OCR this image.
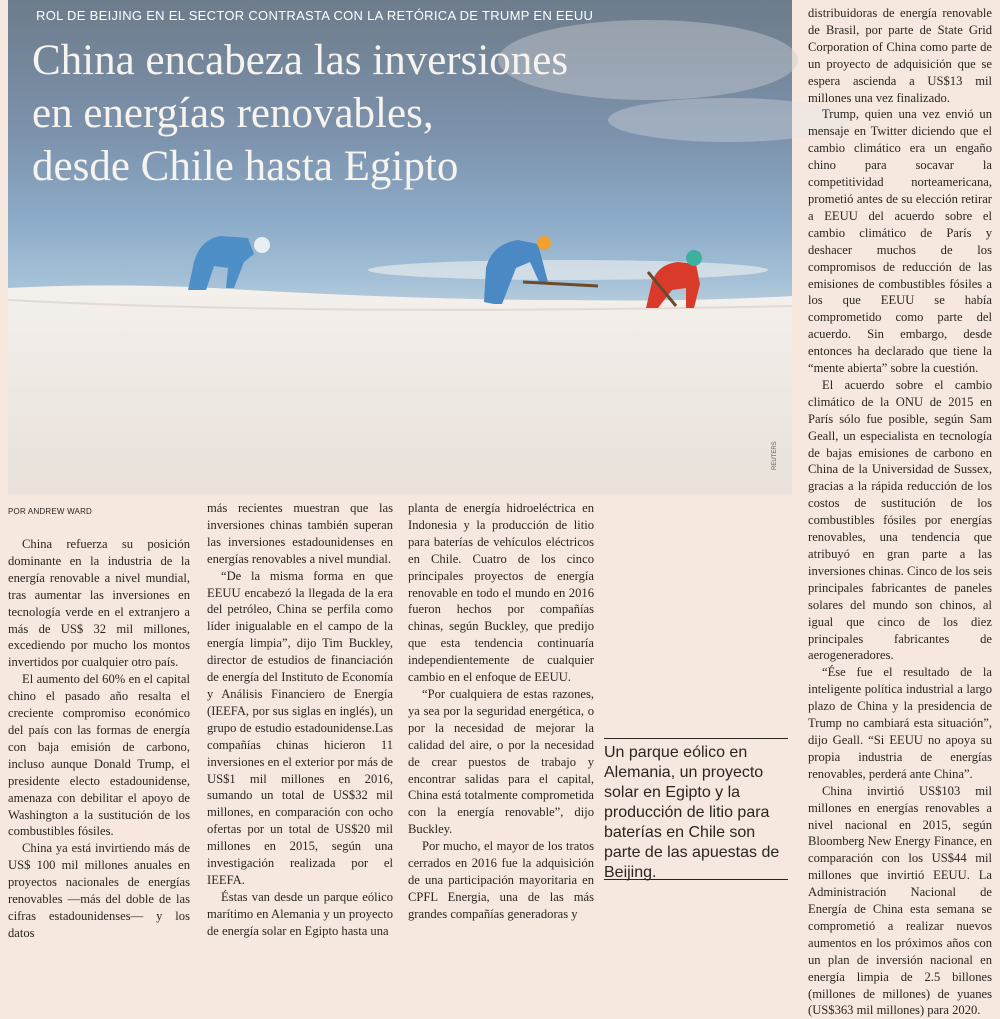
ROL DE BEIJING EN EL SECTOR CONTRASTA CON LA RETÓRICA DE TRUMP EN EEUU
China encabeza las inversiones
en energías renovables,
desde Chile hasta Egipto
REUTERS
POR ANDREW WARD

China refuerza su posición dominante en la industria de la energía renovable a nivel mundial, tras aumentar las inversiones en tecnología verde en el extranjero a más de US$ 32 mil millones, excediendo por mucho los montos invertidos por cualquier otro país.

El aumento del 60% en el capital chino el pasado año resalta el creciente compromiso económico del país con las formas de energía con baja emisión de carbono, incluso aunque Donald Trump, el presidente electo estadounidense, amenaza con debilitar el apoyo de Washington a la sustitución de los combustibles fósiles.

China ya está invirtiendo más de US$ 100 mil millones anuales en proyectos nacionales de energías renovables —más del doble de las cifras estadounidenses— y los datos

más recientes muestran que las inversiones chinas también superan las inversiones estadounidenses en energías renovables a nivel mundial.

“De la misma forma en que EEUU encabezó la llegada de la era del petróleo, China se perfila como líder inigualable en el campo de la energía limpia”, dijo Tim Buckley, director de estudios de financiación de energía del Instituto de Economía y Análisis Financiero de Energía (IEEFA, por sus siglas en inglés), un grupo de estudio estadounidense.Las compañías chinas hicieron 11 inversiones en el exterior por más de US$1 mil millones en 2016, sumando un total de US$32 mil millones, en comparación con ocho ofertas por un total de US$20 mil millones en 2015, según una investigación realizada por el IEEFA.

Éstas van desde un parque eólico marítimo en Alemania y un proyecto de energía solar en Egipto hasta una

planta de energía hidroeléctrica en Indonesia y la producción de litio para baterías de vehículos eléctricos en Chile. Cuatro de los cinco principales proyectos de energía renovable en todo el mundo en 2016 fueron hechos por compañías chinas, según Buckley, que predijo que esta tendencia continuaría independientemente de cualquier cambio en el enfoque de EEUU.

“Por cualquiera de estas razones, ya sea por la seguridad energética, o por la necesidad de mejorar la calidad del aire, o por la necesidad de crear puestos de trabajo y encontrar salidas para el capital, China está totalmente comprometida con la energía renovable”, dijo Buckley.

Por mucho, el mayor de los tratos cerrados en 2016 fue la adquisición de una participación mayoritaria en CPFL Energia, una de las más grandes compañías generadoras y

distribuidoras de energía renovable de Brasil, por parte de State Grid Corporation of China como parte de un proyecto de adquisición que se espera ascienda a US$13 mil millones una vez finalizado.

Trump, quien una vez envió un mensaje en Twitter diciendo que el cambio climático era un engaño chino para socavar la competitividad norteamericana, prometió antes de su elección retirar a EEUU del acuerdo sobre el cambio climático de París y deshacer muchos de los compromisos de reducción de las emisiones de combustibles fósiles a los que EEUU se había comprometido como parte del acuerdo. Sin embargo, desde entonces ha declarado que tiene la “mente abierta” sobre la cuestión.

El acuerdo sobre el cambio climático de la ONU de 2015 en París sólo fue posible, según Sam Geall, un especialista en tecnología de bajas emisiones de carbono en China de la Universidad de Sussex, gracias a la rápida reducción de los costos de sustitución de los combustibles fósiles por energías renovables, una tendencia que atribuyó en gran parte a las inversiones chinas. Cinco de los seis principales fabricantes de paneles solares del mundo son chinos, al igual que cinco de los diez principales fabricantes de aerogeneradores.

“Ése fue el resultado de la inteligente política industrial a largo plazo de China y la presidencia de Trump no cambiará esta situación”, dijo Geall. “Si EEUU no apoya su propia industria de energías renovables, perderá ante China”.

China invirtió US$103 mil millones en energías renovables a nivel nacional en 2015, según Bloomberg New Energy Finance, en comparación con los US$44 mil millones que invirtió EEUU. La Administración Nacional de Energía de China esta semana se comprometió a realizar nuevos aumentos en los próximos años con un plan de inversión nacional en energía limpia de 2.5 billones (millones de millones) de yuanes (US$363 mil millones) para 2020.

Un parque eólico en Alemania, un proyecto solar en Egipto y la producción de litio para baterías en Chile son parte de las apuestas de Beijing.
